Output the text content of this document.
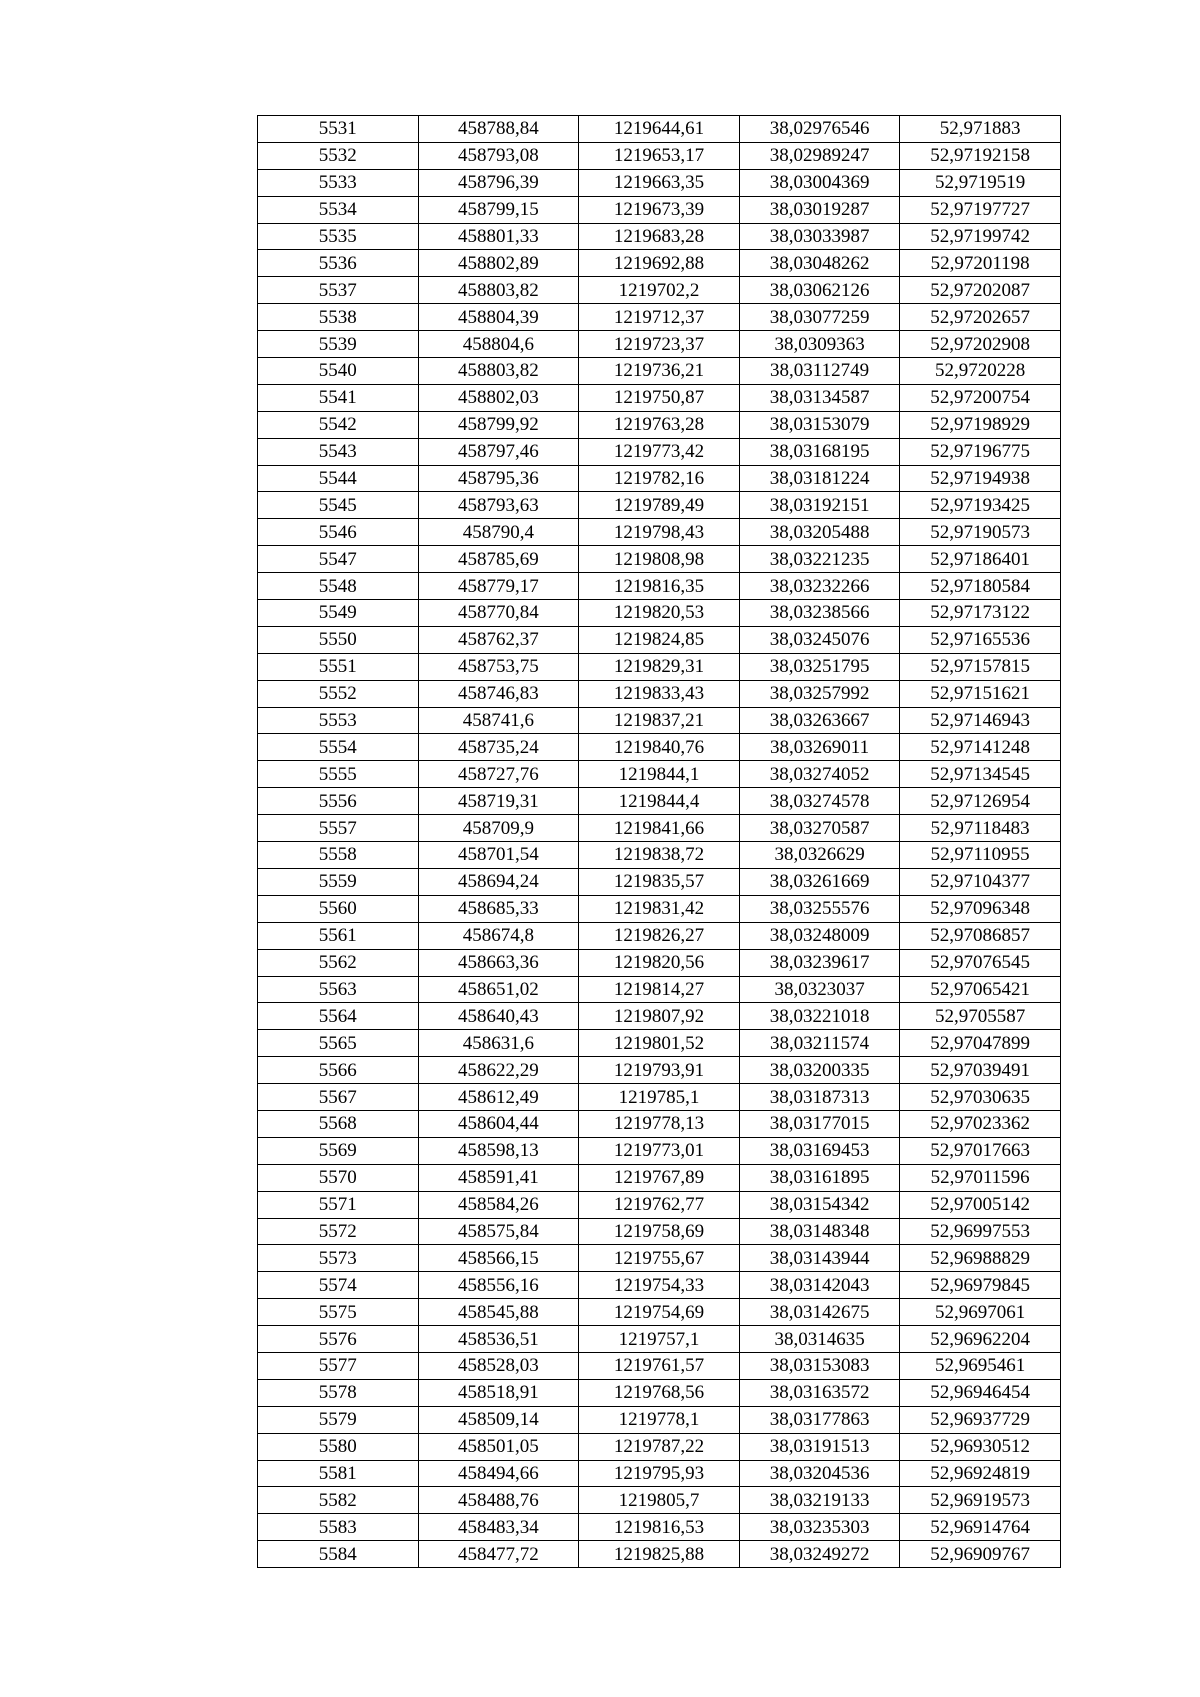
5531	458788,84	1219644,61	38,02976546	52,971883
5532	458793,08	1219653,17	38,02989247	52,97192158
5533	458796,39	1219663,35	38,03004369	52,9719519
5534	458799,15	1219673,39	38,03019287	52,97197727
5535	458801,33	1219683,28	38,03033987	52,97199742
5536	458802,89	1219692,88	38,03048262	52,97201198
5537	458803,82	1219702,2	38,03062126	52,97202087
5538	458804,39	1219712,37	38,03077259	52,97202657
5539	458804,6	1219723,37	38,0309363	52,97202908
5540	458803,82	1219736,21	38,03112749	52,9720228
5541	458802,03	1219750,87	38,03134587	52,97200754
5542	458799,92	1219763,28	38,03153079	52,97198929
5543	458797,46	1219773,42	38,03168195	52,97196775
5544	458795,36	1219782,16	38,03181224	52,97194938
5545	458793,63	1219789,49	38,03192151	52,97193425
5546	458790,4	1219798,43	38,03205488	52,97190573
5547	458785,69	1219808,98	38,03221235	52,97186401
5548	458779,17	1219816,35	38,03232266	52,97180584
5549	458770,84	1219820,53	38,03238566	52,97173122
5550	458762,37	1219824,85	38,03245076	52,97165536
5551	458753,75	1219829,31	38,03251795	52,97157815
5552	458746,83	1219833,43	38,03257992	52,97151621
5553	458741,6	1219837,21	38,03263667	52,97146943
5554	458735,24	1219840,76	38,03269011	52,97141248
5555	458727,76	1219844,1	38,03274052	52,97134545
5556	458719,31	1219844,4	38,03274578	52,97126954
5557	458709,9	1219841,66	38,03270587	52,97118483
5558	458701,54	1219838,72	38,0326629	52,97110955
5559	458694,24	1219835,57	38,03261669	52,97104377
5560	458685,33	1219831,42	38,03255576	52,97096348
5561	458674,8	1219826,27	38,03248009	52,97086857
5562	458663,36	1219820,56	38,03239617	52,97076545
5563	458651,02	1219814,27	38,0323037	52,97065421
5564	458640,43	1219807,92	38,03221018	52,9705587
5565	458631,6	1219801,52	38,03211574	52,97047899
5566	458622,29	1219793,91	38,03200335	52,97039491
5567	458612,49	1219785,1	38,03187313	52,97030635
5568	458604,44	1219778,13	38,03177015	52,97023362
5569	458598,13	1219773,01	38,03169453	52,97017663
5570	458591,41	1219767,89	38,03161895	52,97011596
5571	458584,26	1219762,77	38,03154342	52,97005142
5572	458575,84	1219758,69	38,03148348	52,96997553
5573	458566,15	1219755,67	38,03143944	52,96988829
5574	458556,16	1219754,33	38,03142043	52,96979845
5575	458545,88	1219754,69	38,03142675	52,9697061
5576	458536,51	1219757,1	38,0314635	52,96962204
5577	458528,03	1219761,57	38,03153083	52,9695461
5578	458518,91	1219768,56	38,03163572	52,96946454
5579	458509,14	1219778,1	38,03177863	52,96937729
5580	458501,05	1219787,22	38,03191513	52,96930512
5581	458494,66	1219795,93	38,03204536	52,96924819
5582	458488,76	1219805,7	38,03219133	52,96919573
5583	458483,34	1219816,53	38,03235303	52,96914764
5584	458477,72	1219825,88	38,03249272	52,96909767
